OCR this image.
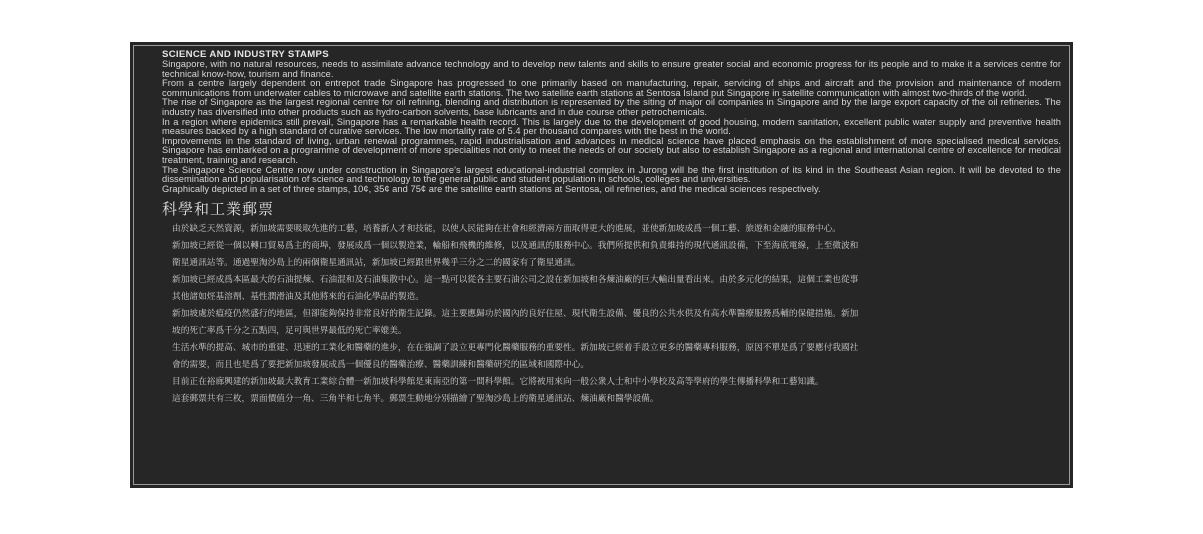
SCIENCE AND INDUSTRY STAMPS

Singapore, with no natural resources, needs to assimilate advance technology and to develop new talents and skills to ensure greater social and economic progress for its people and to make it a services centre for technical know-how, tourism and finance.

From a centre largely dependent on entrepot trade Singapore has progressed to one primarily based on manufacturing, repair, servicing of ships and aircraft and the provision and maintenance of modern communications from underwater cables to microwave and satellite earth stations. The two satellite earth stations at Sentosa Island put Singapore in satellite communication with almost two-thirds of the world.

The rise of Singapore as the largest regional centre for oil refining, blending and distribution is represented by the siting of major oil companies in Singapore and by the large export capacity of the oil refineries. The industry has diversified into other products such as hydro-carbon solvents, base lubricants and in due course other petrochemicals.

In a region where epidemics still prevail, Singapore has a remarkable health record. This is largely due to the development of good housing, modern sanitation, excellent public water supply and preventive health measures backed by a high standard of curative services. The low mortality rate of 5.4 per thousand compares with the best in the world.

Improvements in the standard of living, urban renewal programmes, rapid industrialisation and advances in medical science have placed emphasis on the establishment of more specialised medical services. Singapore has embarked on a programme of development of more specialities not only to meet the needs of our society but also to establish Singapore as a regional and international centre of excellence for medical treatment, training and research.

The Singapore Science Centre now under construction in Singapore's largest educational-industrial complex in Jurong will be the first institution of its kind in the Southeast Asian region. It will be devoted to the dissemination and popularisation of science and technology to the general public and student population in schools, colleges and universities.

Graphically depicted in a set of three stamps, 10¢, 35¢ and 75¢ are the satellite earth stations at Sentosa, oil refineries, and the medical sciences respectively.

科學和工業郵票
由於缺乏天然資源，新加坡需要吸取先進的工藝，培養新人才和技能，以使人民能夠在社會和經濟兩方面取得更大的進展，並使新加坡成爲一個工藝、旅遊和金融的服務中心。
新加坡已經從一個以轉口貿易爲主的商埠，發展成爲一個以製造業，輪船和飛機的維修，以及通訊的服務中心。我們所提供和負責維持的現代通訊設備，下至海底電線，上至微波和
衛星通訊站等。通過聖淘沙島上的兩個衛星通訊站，新加坡已經跟世界幾乎三分之二的國家有了衛星通訊。
新加坡已經成爲本區最大的石油提煉、石油混和及石油集散中心。這一點可以從各主要石油公司之設在新加坡和各煉油廠的巨大輸出量看出來。由於多元化的結果，這個工業也從事
其他諸如烴基溶劑、基性潤滑油及其他將來的石油化學品的製造。
新加坡處於瘟疫仍然盛行的地區，但卻能夠保持非常良好的衛生記錄。這主要應歸功於國內的良好住屋、現代衛生設備、優良的公共水供及有高水準醫療服務爲輔的保健措施。新加
坡的死亡率爲千分之五點四，足可與世界最低的死亡率媲美。
生活水準的提高、城市的重建、迅速的工業化和醫藥的進步，在在強調了設立更專門化醫藥服務的重要性。新加坡已經着手設立更多的醫藥專科服務，原因不單是爲了要應付我國社
會的需要，而且也是爲了要把新加坡發展成爲一個優良的醫藥治療、醫藥訓練和醫藥研究的區域和國際中心。
目前正在裕廊興建的新加坡最大教育工業綜合體一新加坡科學館是東南亞的第一間科學館。它將被用來向一般公衆人士和中小學校及高等學府的學生傳播科學和工藝知識。
這套郵票共有三枚，票面價值分一角、三角半和七角半。郵票生動地分別描繪了聖淘沙島上的衛星通訊站、煉油廠和醫學設備。
